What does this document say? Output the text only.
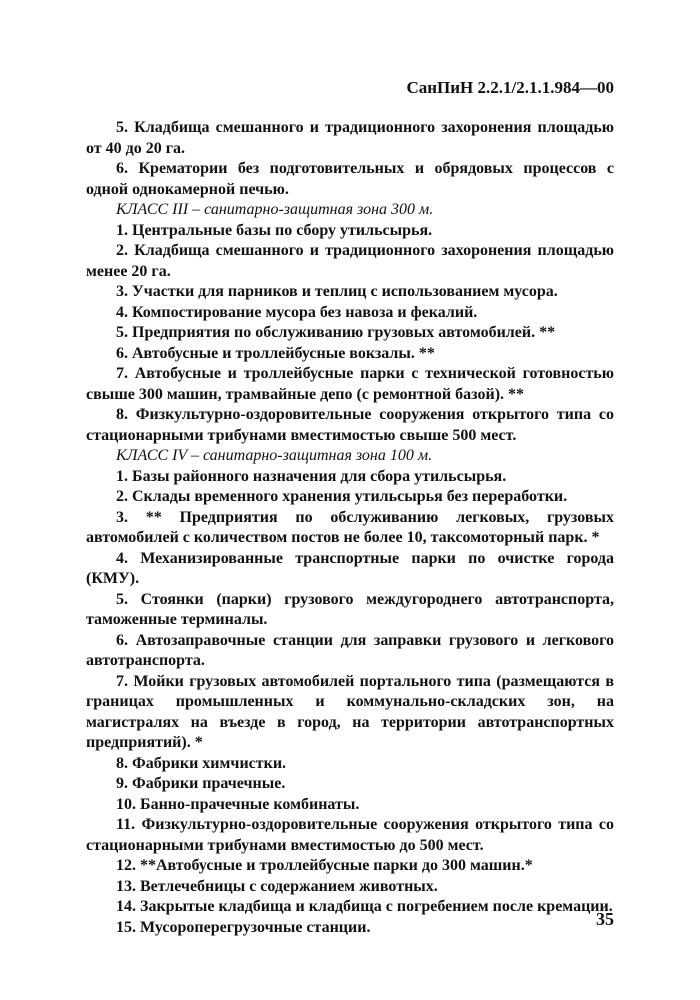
СанПиН 2.2.1/2.1.1.984—00

5. Кладбища смешанного и традиционного захоронения площадью от 40 до 20 га.

6. Крематории без подготовительных и обрядовых процессов с одной однокамерной печью.

КЛАСС III – санитарно-защитная зона 300 м.

1. Центральные базы по сбору утильсырья.

2. Кладбища смешанного и традиционного захоронения площадью менее 20 га.

3. Участки для парников и теплиц с использованием мусора.

4. Компостирование мусора без навоза и фекалий.

5. Предприятия по обслуживанию грузовых автомобилей. **

6. Автобусные и троллейбусные вокзалы. **

7. Автобусные и троллейбусные парки с технической готовностью свыше 300 машин, трамвайные депо (с ремонтной базой). **

8. Физкультурно-оздоровительные сооружения открытого типа со стационарными трибунами вместимостью свыше 500 мест.

КЛАСС IV – санитарно-защитная зона 100 м.

1. Базы районного назначения для сбора утильсырья.

2. Склады временного хранения утильсырья без переработки.

3. ** Предприятия по обслуживанию легковых, грузовых автомобилей с количеством постов не более 10, таксомоторный парк. *

4. Механизированные транспортные парки по очистке города (КМУ).

5. Стоянки (парки) грузового междугороднего автотранспорта, таможенные терминалы.

6. Автозаправочные станции для заправки грузового и легкового автотранспорта.

7. Мойки грузовых автомобилей портального типа (размещаются в границах промышленных и коммунально-складских зон, на магистралях на въезде в город, на территории автотранспортных предприятий). *

8. Фабрики химчистки.

9. Фабрики прачечные.

10. Банно-прачечные комбинаты.

11. Физкультурно-оздоровительные сооружения открытого типа со стационарными трибунами вместимостью до 500 мест.

12. **Автобусные и троллейбусные парки до 300 машин.*

13. Ветлечебницы с содержанием животных.

14. Закрытые кладбища и кладбища с погребением после кремации.

15. Мусороперегрузочные станции.	35
